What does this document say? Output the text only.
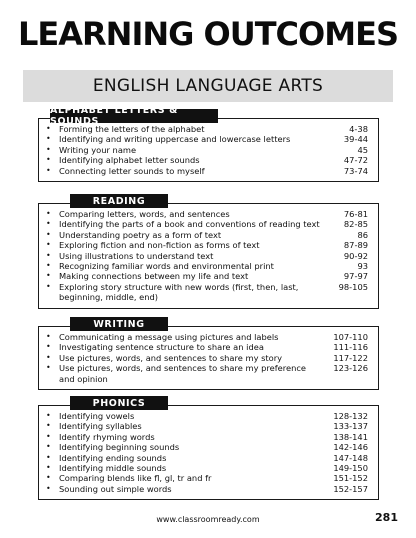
LEARNING OUTCOMES
ENGLISH LANGUAGE ARTS
• Forming the letters of the alphabet	4-38
• Identifying and writing uppercase and lowercase letters	39-44
• Writing your name	45
• Identifying alphabet letter sounds	47-72
• Connecting letter sounds to myself	73-74
ALPHABET LETTERS & SOUNDS
• Comparing letters, words, and sentences	76-81
• Identifying the parts of a book and conventions of reading text	82-85
• Understanding poetry as a form of text	86
• Exploring fiction and non-fiction as forms of text	87-89
• Using illustrations to understand text	90-92
• Recognizing familiar words and environmental print	93
• Making connections between my life and text	97-97
• Exploring story structure with new words (first, then, last, beginning, middle, end)
98-105
READING
• Communicating a message using pictures and labels	107-110
• Investigating sentence structure to share an idea	111-116
• Use pictures, words, and sentences to share my story	117-122
• Use pictures, words, and sentences to share my preference and opinion
123-126
WRITING
• Identifying vowels	128-132
• Identifying syllables	133-137
• Identify rhyming words	138-141
• Identifying beginning sounds	142-146
• Identifying ending sounds	147-148
• Identifying middle sounds	149-150
• Comparing blends like fl, gl, tr and fr	151-152
• Sounding out simple words	152-157
PHONICS
www.classroomready.com	281
